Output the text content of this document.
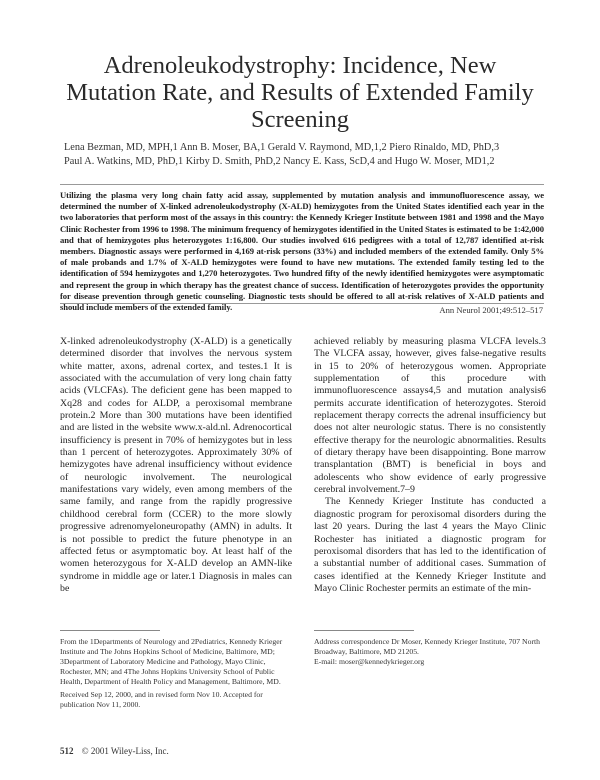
Adrenoleukodystrophy: Incidence, New Mutation Rate, and Results of Extended Family Screening

Lena Bezman, MD, MPH,1 Ann B. Moser, BA,1 Gerald V. Raymond, MD,1,2 Piero Rinaldo, MD, PhD,3

Paul A. Watkins, MD, PhD,1 Kirby D. Smith, PhD,2 Nancy E. Kass, ScD,4 and Hugo W. Moser, MD1,2

Utilizing the plasma very long chain fatty acid assay, supplemented by mutation analysis and immunofluorescence assay, we determined the number of X-linked adrenoleukodystrophy (X-ALD) hemizygotes from the United States identified each year in the two laboratories that perform most of the assays in this country: the Kennedy Krieger Institute between 1981 and 1998 and the Mayo Clinic Rochester from 1996 to 1998. The minimum frequency of hemizygotes identified in the United States is estimated to be 1:42,000 and that of hemizygotes plus heterozygotes 1:16,800. Our studies involved 616 pedigrees with a total of 12,787 identified at-risk members. Diagnostic assays were performed in 4,169 at-risk persons (33%) and included members of the extended family. Only 5% of male probands and 1.7% of X-ALD hemizygotes were found to have new mutations. The extended family testing led to the identification of 594 hemizygotes and 1,270 heterozygotes. Two hundred fifty of the newly identified hemizygotes were asymptomatic and represent the group in which therapy has the greatest chance of success. Identification of heterozygotes provides the opportunity for disease prevention through genetic counseling. Diagnostic tests should be offered to all at-risk relatives of X-ALD patients and should include members of the extended family.	Ann Neurol 2001;49:512–517

X-linked adrenoleukodystrophy (X-ALD) is a genetically determined disorder that involves the nervous system white matter, axons, adrenal cortex, and testes.1 It is associated with the accumulation of very long chain fatty acids (VLCFAs). The deficient gene has been mapped to Xq28 and codes for ALDP, a peroxisomal membrane protein.2 More than 300 mutations have been identified and are listed in the website www.x-ald.nl. Adrenocortical insufficiency is present in 70% of hemizygotes but in less than 1 percent of heterozygotes. Approximately 30% of hemizygotes have adrenal insufficiency without evidence of neurologic involvement. The neurological manifestations vary widely, even among members of the same family, and range from the rapidly progressive childhood cerebral form (CCER) to the more slowly progressive adrenomyeloneuropathy (AMN) in adults. It is not possible to predict the future phenotype in an affected fetus or asymptomatic boy. At least half of the women heterozygous for X-ALD develop an AMN-like syndrome in middle age or later.1 Diagnosis in males can be

achieved reliably by measuring plasma VLCFA levels.3 The VLCFA assay, however, gives false-negative results in 15 to 20% of heterozygous women. Appropriate supplementation of this procedure with immunofluorescence assays4,5 and mutation analysis6 permits accurate identification of heterozygotes. Steroid replacement therapy corrects the adrenal insufficiency but does not alter neurologic status. There is no consistently effective therapy for the neurologic abnormalities. Results of dietary therapy have been disappointing. Bone marrow transplantation (BMT) is beneficial in boys and adolescents who show evidence of early progressive cerebral involvement.7–9

The Kennedy Krieger Institute has conducted a diagnostic program for peroxisomal disorders during the last 20 years. During the last 4 years the Mayo Clinic Rochester has initiated a diagnostic program for peroxisomal disorders that has led to the identification of a substantial number of additional cases. Summation of cases identified at the Kennedy Krieger Institute and Mayo Clinic Rochester permits an estimate of the min-

From the 1Departments of Neurology and 2Pediatrics, Kennedy Krieger Institute and The Johns Hopkins School of Medicine, Baltimore, MD; 3Department of Laboratory Medicine and Pathology, Mayo Clinic, Rochester, MN; and 4The Johns Hopkins University School of Public Health, Department of Health Policy and Management, Baltimore, MD.

Received Sep 12, 2000, and in revised form Nov 10. Accepted for publication Nov 11, 2000.

Address correspondence Dr Moser, Kennedy Krieger Institute, 707 North Broadway, Baltimore, MD 21205.

E-mail: moser@kennedykrieger.org

512 © 2001 Wiley-Liss, Inc.
